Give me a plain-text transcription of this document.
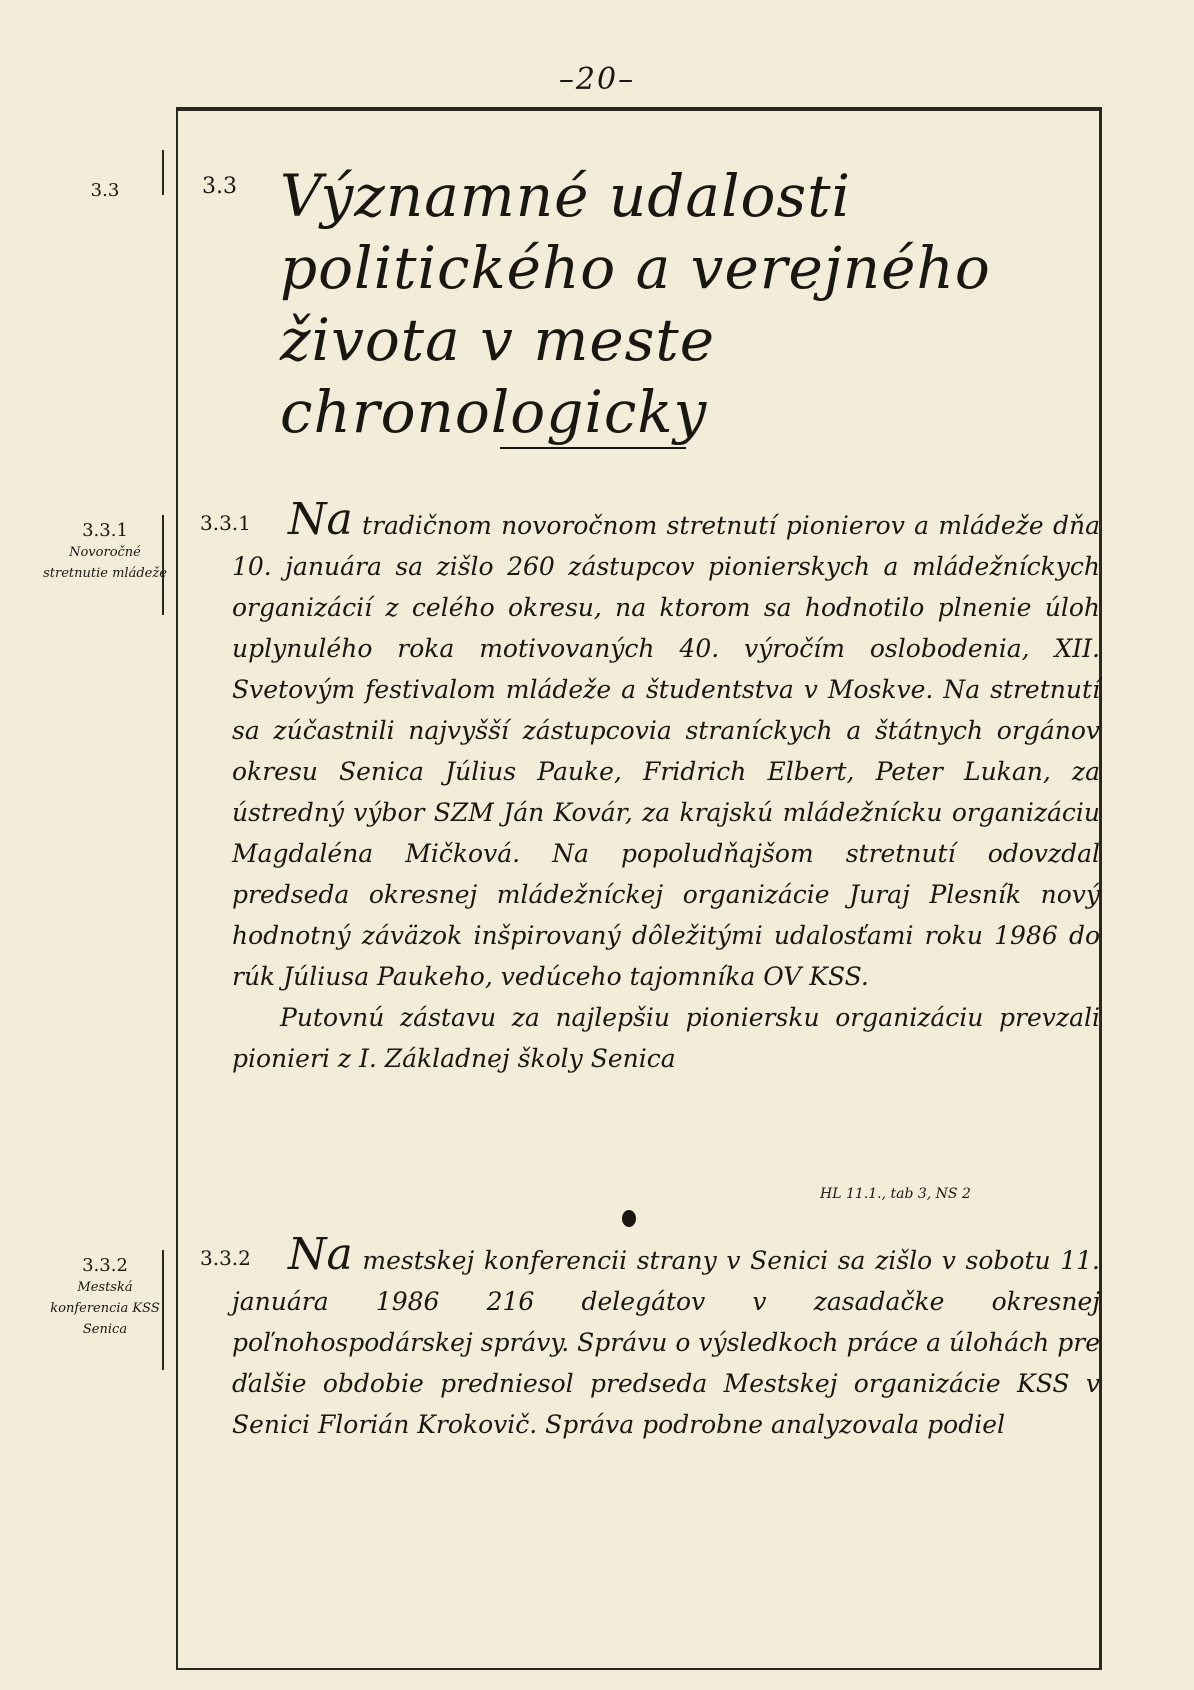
–20–
3.3
3.3.1
Novoročné stretnutie mládeže
3.3.2
Mestská konferencia KSS Senica
3.3 Významné udalosti politického a verejného života v meste chronologicky
3.3.1 Na tradičnom novoročnom stretnutí pionierov a mládeže dňa 10. januára sa zišlo 260 zástupcov pionierskych a mládežníckych organizácií z celého okresu, na ktorom sa hodnotilo plnenie úloh uplynulého roka motivovaných 40. výročím oslobodenia, XII. Svetovým festivalom mládeže a študentstva v Moskve. Na stretnutí sa zúčastnili najvyšší zástupcovia straníckych a štátnych orgánov okresu Senica Július Pauke, Fridrich Elbert, Peter Lukan, za ústredný výbor SZM Ján Kovár, za krajskú mládežnícku organizáciu Magdaléna Mičková. Na popoludňajšom stretnutí odovzdal predseda okresnej mládežníckej organizácie Juraj Plesník nový hodnotný záväzok inšpirovaný dôležitými udalosťami roku 1986 do rúk Júliusa Paukeho, vedúceho tajomníka OV KSS.
Putovnú zástavu za najlepšiu pioniersku organizáciu prevzali pionieri z I. Základnej školy Senica
HL 11.1., tab 3, NS 2
3.3.2 Na mestskej konferencii strany v Senici sa zišlo v sobotu 11. januára 1986 216 delegátov v zasadačke okresnej poľnohospodárskej správy. Správu o výsledkoch práce a úlohách pre ďalšie obdobie predniesol predseda Mestskej organizácie KSS v Senici Florián Krokovič. Správa podrobne analyzovala podiel
